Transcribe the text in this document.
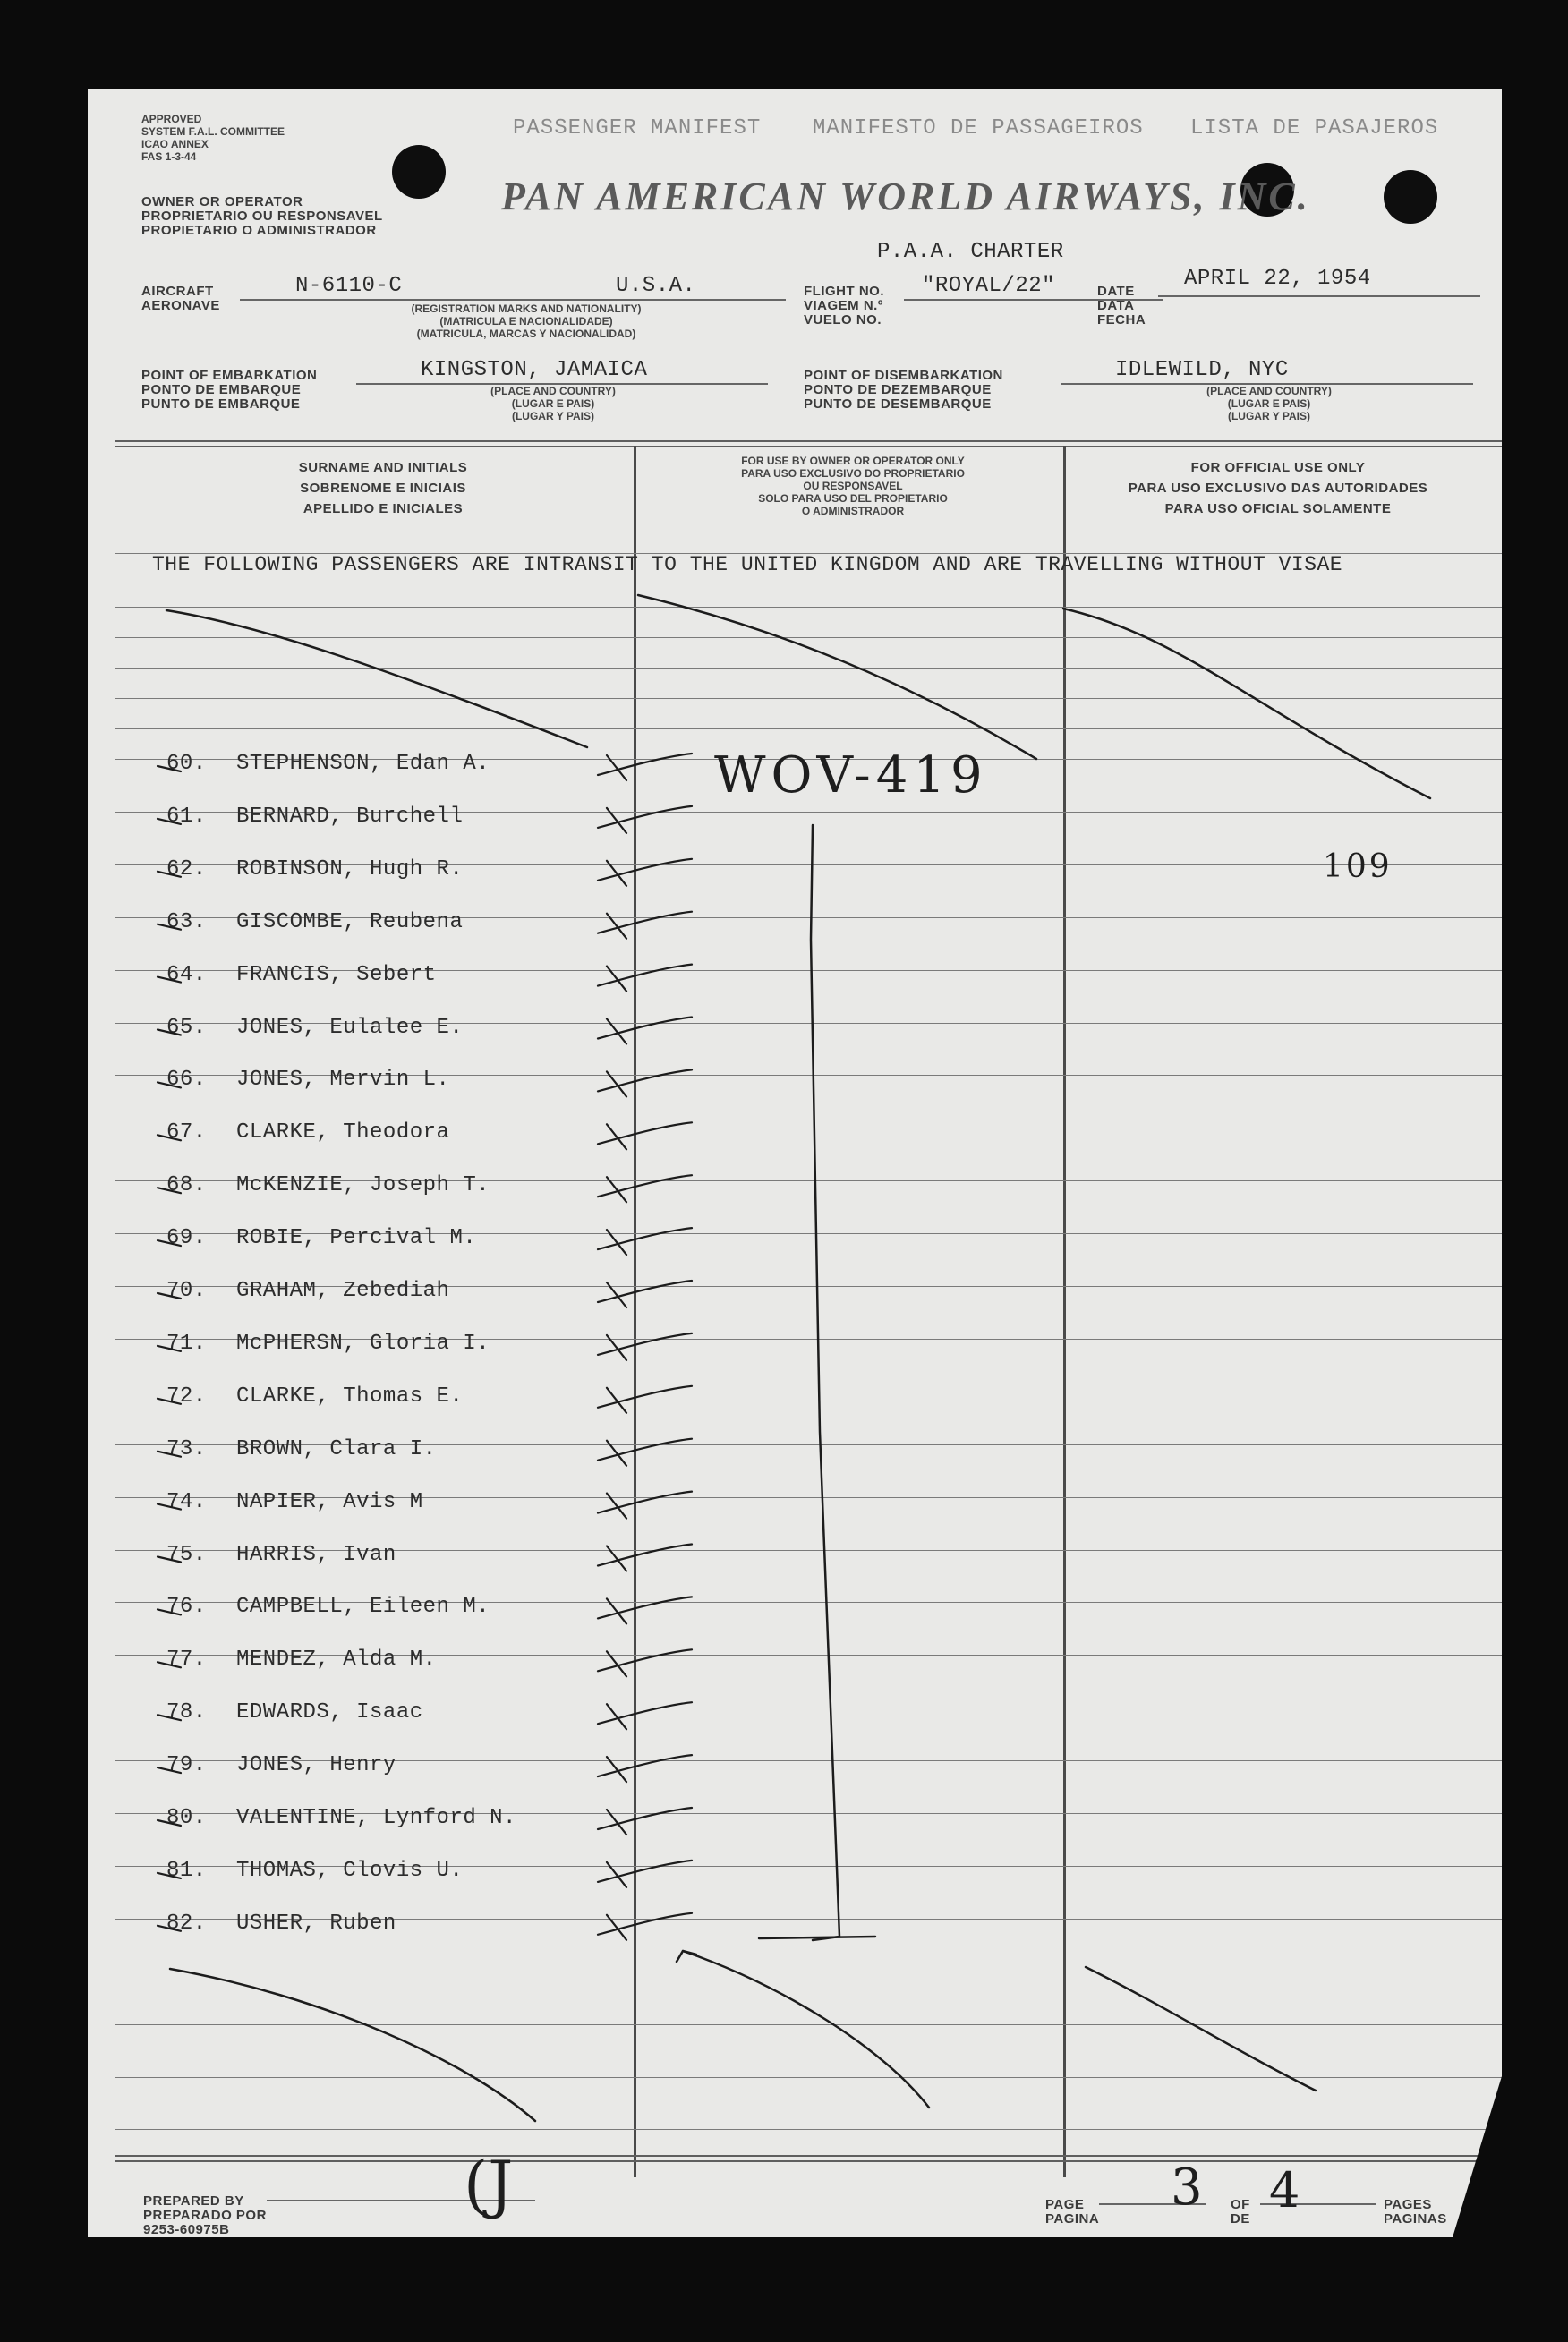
APPROVED
SYSTEM F.A.L. COMMITTEE
ICAO ANNEX
FAS 1-3-44
PASSENGER MANIFEST MANIFESTO DE PASSAGEIROS LISTA DE PASAJEROS
OWNER OR OPERATOR
PROPRIETARIO OU RESPONSAVEL
PROPIETARIO O ADMINISTRADOR
PAN AMERICAN WORLD AIRWAYS, INC.
P.A.A. CHARTER
AIRCRAFT
AERONAVE
N-6110-C	U.S.A.
(REGISTRATION MARKS AND NATIONALITY)
(MATRICULA E NACIONALIDADE)
(MATRICULA, MARCAS Y NACIONALIDAD)
FLIGHT NO.
VIAGEM N.º
VUELO NO.
"ROYAL/22"	DATE
DATA
FECHA
APRIL 22, 1954
POINT OF EMBARKATION
PONTO DE EMBARQUE
PUNTO DE EMBARQUE
KINGSTON, JAMAICA
(PLACE AND COUNTRY)
(LUGAR E PAIS)
(LUGAR Y PAIS)
POINT OF DISEMBARKATION
PONTO DE DEZEMBARQUE
PUNTO DE DESEMBARQUE
IDLEWILD, NYC
(PLACE AND COUNTRY)
(LUGAR E PAIS)
(LUGAR Y PAIS)
SURNAME AND INITIALS
SOBRENOME E INICIAIS
APELLIDO E INICIALES
FOR USE BY OWNER OR OPERATOR ONLY
PARA USO EXCLUSIVO DO PROPRIETARIO
OU RESPONSAVEL
SOLO PARA USO DEL PROPIETARIO
O ADMINISTRADOR
FOR OFFICIAL USE ONLY
PARA USO EXCLUSIVO DAS AUTORIDADES
PARA USO OFICIAL SOLAMENTE
THE FOLLOWING PASSENGERS ARE INTRANSIT TO THE UNITED KINGDOM AND ARE TRAVELLING WITHOUT VISAE
60. STEPHENSON, Edan A.
61. BERNARD, Burchell
62. ROBINSON, Hugh R.
63. GISCOMBE, Reubena
64. FRANCIS, Sebert
65. JONES, Eulalee E.
66. JONES, Mervin L.
67. CLARKE, Theodora
68. McKENZIE, Joseph T.
69. ROBIE, Percival M.
70. GRAHAM, Zebediah
71. McPHERSN, Gloria I.
72. CLARKE, Thomas E.
73. BROWN, Clara I.
74. NAPIER, Avis M
75. HARRIS, Ivan
76. CAMPBELL, Eileen M.
77. MENDEZ, Alda M.
78. EDWARDS, Isaac
79. JONES, Henry
80. VALENTINE, Lynford N.
81. THOMAS, Clovis U.
82. USHER, Ruben
PREPARED BY
PREPARADO POR
9253-60975B
PAGE
PAGINA
OF
DE
PAGES
PAGINAS
WOV-419
109
3 4
(J
